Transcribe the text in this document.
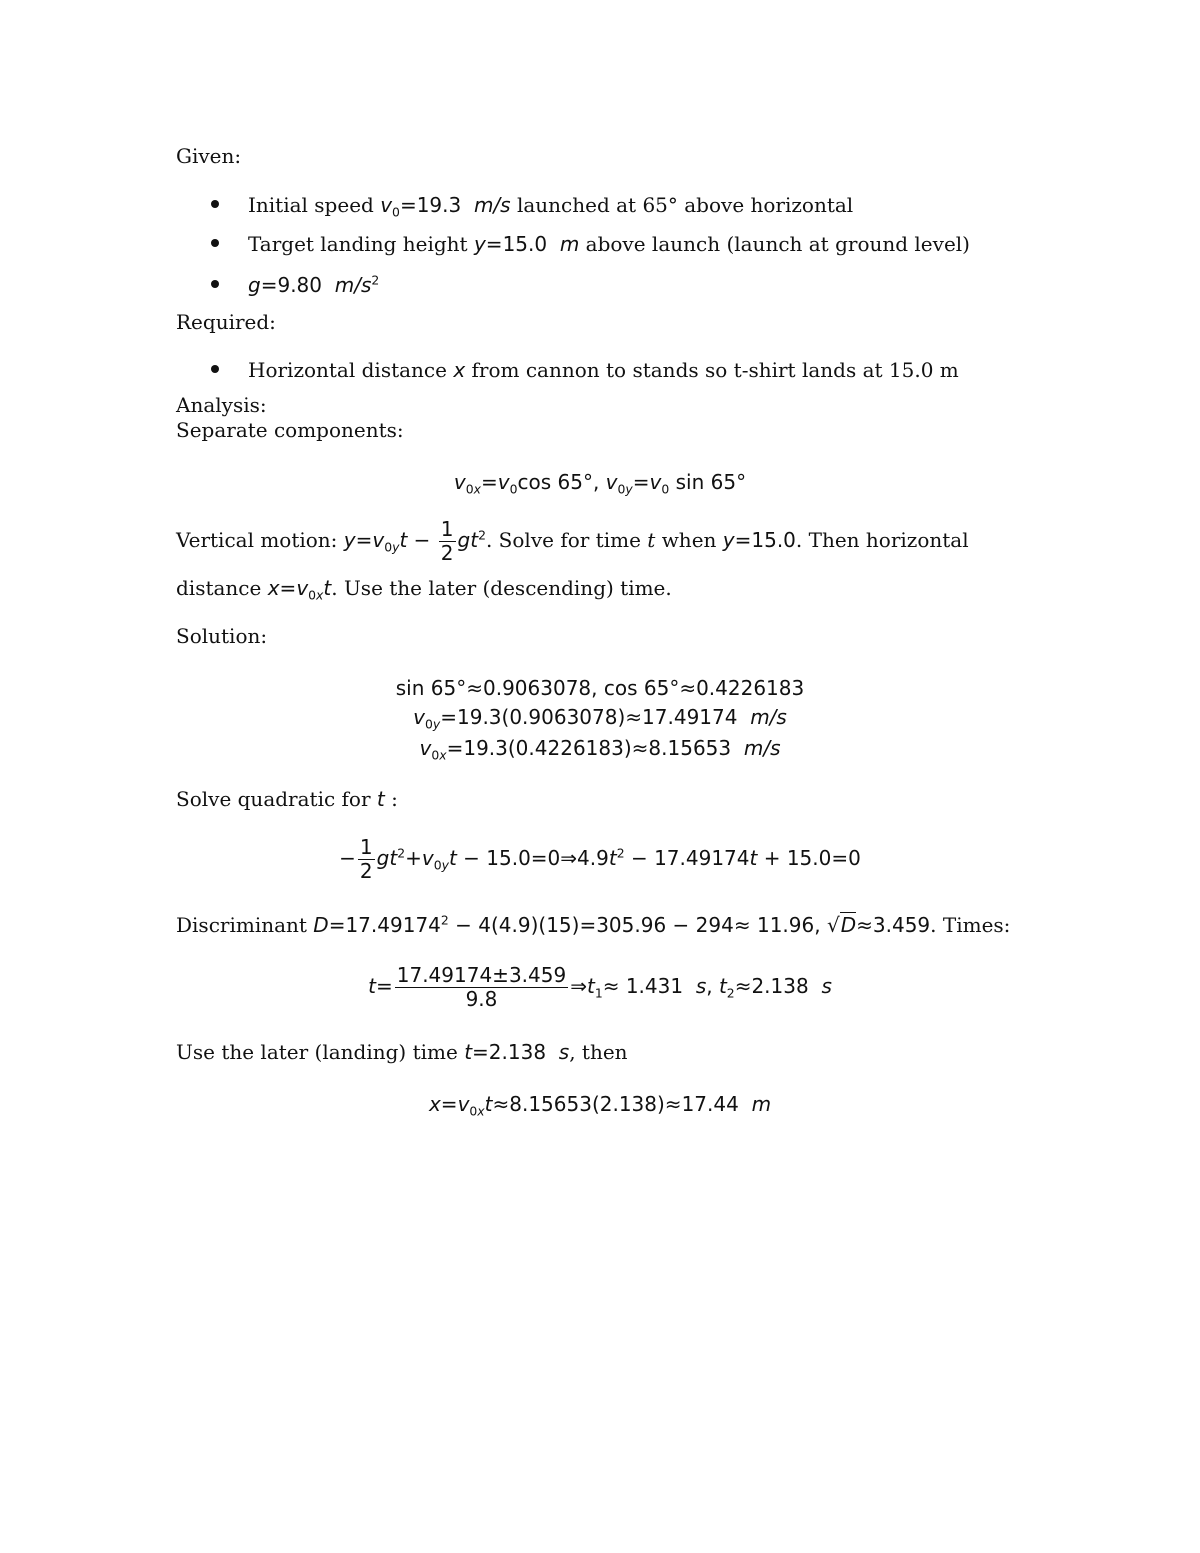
Given:
Initial speed $v_0=19.3$ m/s launched at 65° above horizontal
Target landing height y=15.0 m above launch (launch at ground level)
g=9.80 $m/s^2$
Required:
Horizontal distance x from cannon to stands so t-shirt lands at 15.0 m
Analysis:
Separate components:
$v_{0x}=v_0\cos$ 65°, $v_{0y}=v_0$ sin 65°
Vertical motion: $y=v_{0y}t - \frac{1}{2} gt^2$. Solve for time t when y=15.0. Then horizontal
distance $x=v_{0x}t$. Use the later (descending) time.
Solution:
sin 65°≈0.9063078, cos 65°≈0.4226183
$v_{0y}=19.3(0.9063078)\approx 17.49174$ m/s
$v_{0x}=19.3(0.4226183)\approx 8.15653$ m/s
Solve quadratic for t :
− $\frac{1}{2} gt^2+v_{0y}t$ − $15.0=0\Rightarrow 4.9t^2 - 17.49174t + 15.0=0$
Discriminant $D=17.49174^2 - 4(4.9)(15)=305.96 - 294\approx 11.96$, √D≈3.459. Times:
$t= \frac{17.49174\pm 3.459}{9.8}$ $\Rightarrow t_1\approx 1.431$ s, $t_2\approx 2.138$ s
Use the later (landing) time t=2.138  s, then
$x=v_{0x}t\approx 8.15653(2.138)\approx 17.44$ m
